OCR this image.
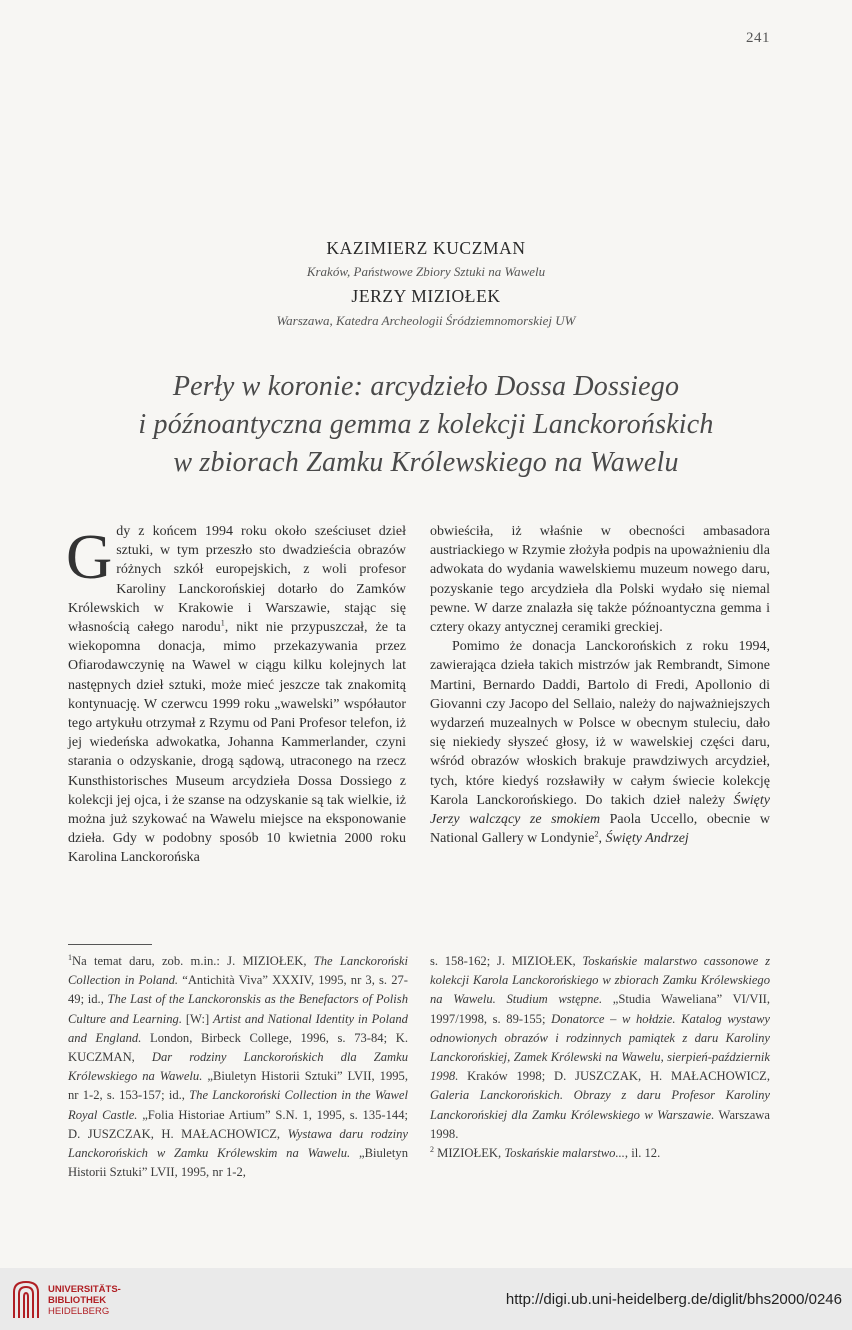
241
KAZIMIERZ KUCZMAN
Kraków, Państwowe Zbiory Sztuki na Wawelu
JERZY MIZIOŁEK
Warszawa, Katedra Archeologii Śródziemnomorskiej UW
Perły w koronie: arcydzieło Dossa Dossiego
i późnoantyczna gemma z kolekcji Lanckorońskich
w zbiorach Zamku Królewskiego na Wawelu

Gdy z końcem 1994 roku około sześciuset dzieł sztuki, w tym przeszło sto dwadzieścia obrazów różnych szkół europejskich, z woli profesor Karoliny Lanckorońskiej dotarło do Zamków Królewskich w Krakowie i Warszawie, stając się własnością całego narodu$^1$, nikt nie przypuszczał, że ta wiekopomna donacja, mimo przekazywania przez Ofiarodawczynię na Wawel w ciągu kilku kolejnych lat następnych dzieł sztuki, może mieć jeszcze tak znakomitą kontynuację. W czerwcu 1999 roku „wawelski” współautor tego artykułu otrzymał z Rzymu od Pani Profesor telefon, iż jej wiedeńska adwokatka, Johanna Kammerlander, czyni starania o odzyskanie, drogą sądową, utraconego na rzecz Kunsthistorisches Museum arcydzieła Dossa Dossiego z kolekcji jej ojca, i że szanse na odzyskanie są tak wielkie, iż można już szykować na Wawelu miejsce na eksponowanie dzieła. Gdy w podobny sposób 10 kwietnia 2000 roku Karolina Lanckorońska

obwieściła, iż właśnie w obecności ambasadora austriackiego w Rzymie złożyła podpis na upoważnieniu dla adwokata do wydania wawelskiemu muzeum nowego daru, pozyskanie tego arcydzieła dla Polski wydało się niemal pewne. W darze znalazła się także późnoantyczna gemma i cztery okazy antycznej ceramiki greckiej.

Pomimo że donacja Lanckorońskich z roku 1994, zawierająca dzieła takich mistrzów jak Rembrandt, Simone Martini, Bernardo Daddi, Bartolo di Fredi, Apollonio di Giovanni czy Jacopo del Sellaio, należy do najważniejszych wydarzeń muzealnych w Polsce w obecnym stuleciu, dało się niekiedy słyszeć głosy, iż w wawelskiej części daru, wśród obrazów włoskich brakuje prawdziwych arcydzieł, tych, które kiedyś rozsławiły w całym świecie kolekcję Karola Lanckorońskiego. Do takich dzieł należy Święty Jerzy walczący ze smokiem Paola Uccello, obecnie w National Gallery w Londynie$^2$, Święty Andrzej

$^1$Na temat daru, zob. m.in.: J. MIZIOŁEK, The Lanckoroński Collection in Poland. “Antichità Viva” XXXIV, 1995, nr 3, s. 27-49; id., The Last of the Lanckoronskis as the Benefactors of Polish Culture and Learning. [W:] Artist and National Identity in Poland and England. London, Birbeck College, 1996, s. 73-84; K. KUCZMAN, Dar rodziny Lanckorońskich dla Zamku Królewskiego na Wawelu. „Biuletyn Historii Sztuki” LVII, 1995, nr 1-2, s. 153-157; id., The Lanckoroński Collection in the Wawel Royal Castle. „Folia Historiae Artium” S.N. 1, 1995, s. 135-144; D. JUSZCZAK, H. MAŁACHOWICZ, Wystawa daru rodziny Lanckorońskich w Zamku Królewskim na Wawelu. „Biuletyn Historii Sztuki” LVII, 1995, nr 1-2,

s. 158-162; J. MIZIOŁEK, Toskańskie malarstwo cassonowe z kolekcji Karola Lanckorońskiego w zbiorach Zamku Królewskiego na Wawelu. Studium wstępne. „Studia Waweliana” VI/VII, 1997/1998, s. 89-155; Donatorce – w hołdzie. Katalog wystawy odnowionych obrazów i rodzinnych pamiątek z daru Karoliny Lanckorońskiej, Zamek Królewski na Wawelu, sierpień-październik 1998. Kraków 1998; D. JUSZCZAK, H. MAŁACHOWICZ, Galeria Lanckorońskich. Obrazy z daru Profesor Karoliny Lanckorońskiej dla Zamku Królewskiego w Warszawie. Warszawa 1998.

$^2$ MIZIOŁEK, Toskańskie malarstwo..., il. 12.

UNIVERSITÄTS-
BIBLIOTHEK
HEIDELBERG
http://digi.ub.uni-heidelberg.de/diglit/bhs2000/0246
